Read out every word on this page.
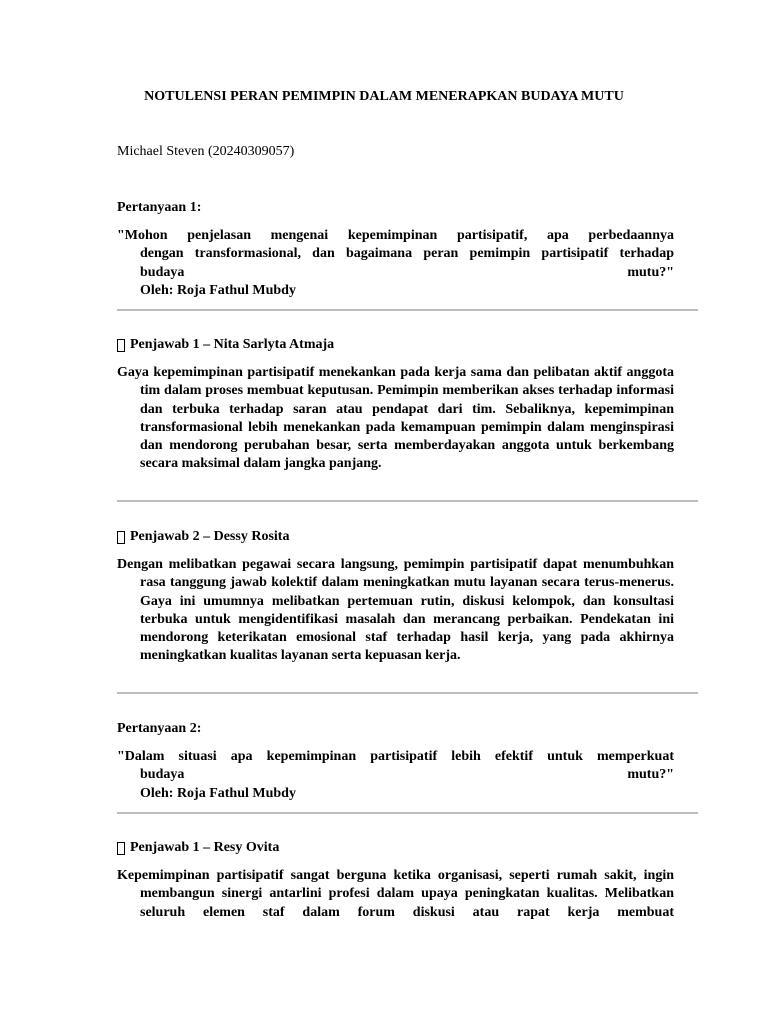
NOTULENSI PERAN PEMIMPIN DALAM MENERAPKAN BUDAYA MUTU
Michael Steven (20240309057)

Pertanyaan 1:

"Mohon penjelasan mengenai kepemimpinan partisipatif, apa perbedaannya
dengan transformasional, dan bagaimana peran pemimpin partisipatif terhadap
budaya	mutu?"
Oleh: Roja Fathul Mubdy

Penjawab 1 – Nita Sarlyta Atmaja

Gaya kepemimpinan partisipatif menekankan pada kerja sama dan pelibatan aktif anggota tim dalam proses membuat keputusan. Pemimpin memberikan akses terhadap informasi dan terbuka terhadap saran atau pendapat dari tim. Sebaliknya, kepemimpinan transformasional lebih menekankan pada kemampuan pemimpin dalam menginspirasi dan mendorong perubahan besar, serta memberdayakan anggota untuk berkembang secara maksimal dalam jangka panjang.

Penjawab 2 – Dessy Rosita

Dengan melibatkan pegawai secara langsung, pemimpin partisipatif dapat menumbuhkan rasa tanggung jawab kolektif dalam meningkatkan mutu layanan secara terus-menerus. Gaya ini umumnya melibatkan pertemuan rutin, diskusi kelompok, dan konsultasi terbuka untuk mengidentifikasi masalah dan merancang perbaikan. Pendekatan ini mendorong keterikatan emosional staf terhadap hasil kerja, yang pada akhirnya meningkatkan kualitas layanan serta kepuasan kerja.

Pertanyaan 2:

"Dalam situasi apa kepemimpinan partisipatif lebih efektif untuk memperkuat
budaya	mutu?"
Oleh: Roja Fathul Mubdy

Penjawab 1 – Resy Ovita

Kepemimpinan partisipatif sangat berguna ketika organisasi, seperti rumah sakit, ingin membangun sinergi antarlini profesi dalam upaya peningkatan kualitas. Melibatkan seluruh elemen staf dalam forum diskusi atau rapat kerja membuat
